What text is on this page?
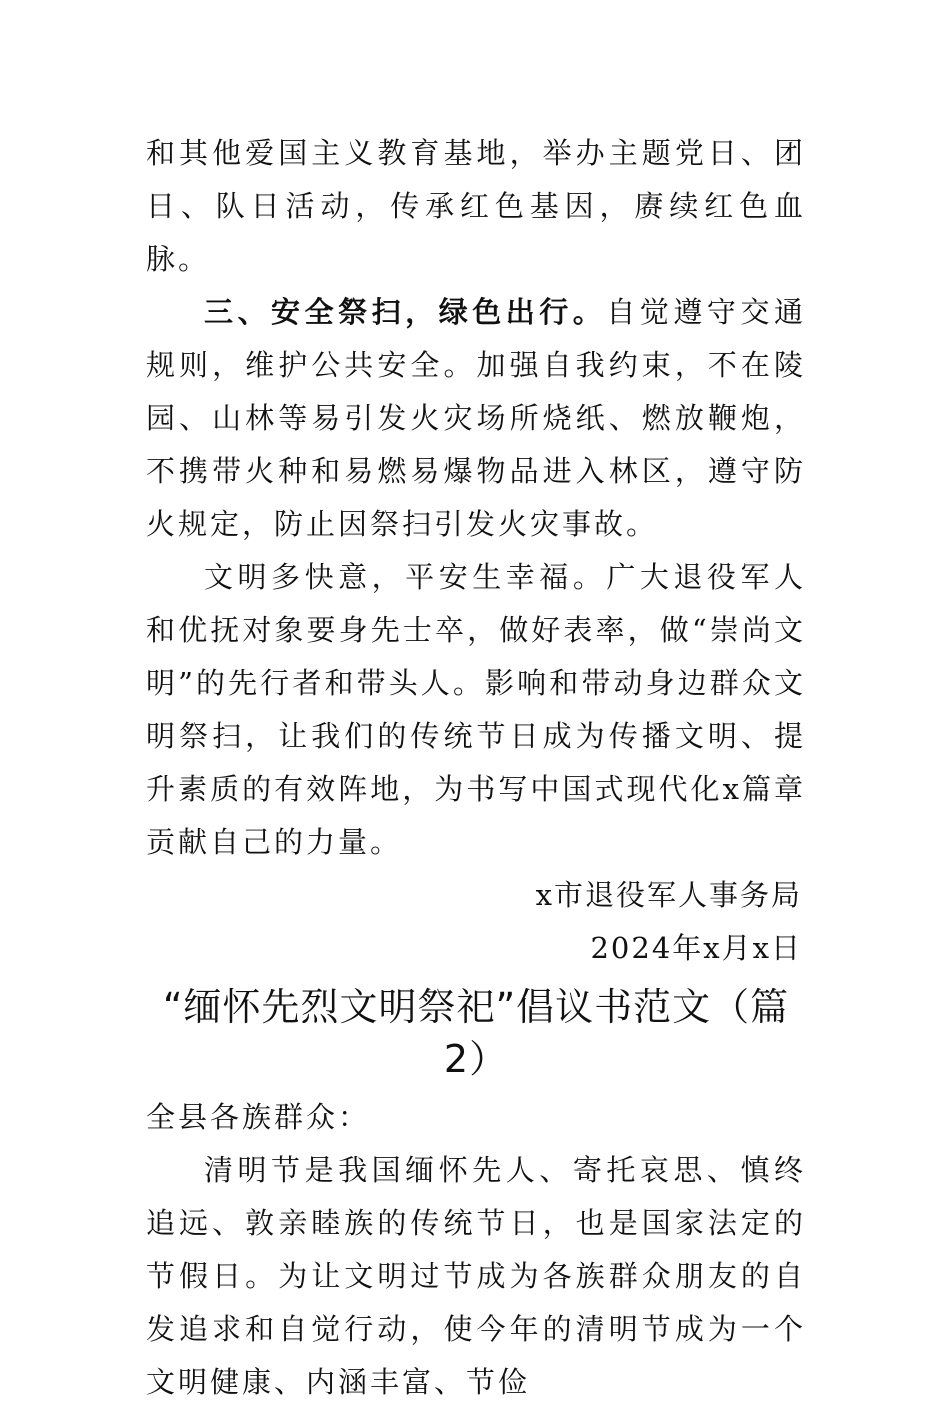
和其他爱国主义教育基地，举办主题党日、团日、队日活动，传承红色基因，赓续红色血脉。

三、安全祭扫，绿色出行。自觉遵守交通规则，维护公共安全。加强自我约束，不在陵园、山林等易引发火灾场所烧纸、燃放鞭炮，不携带火种和易燃易爆物品进入林区，遵守防火规定，防止因祭扫引发火灾事故。

文明多快意，平安生幸福。广大退役军人和优抚对象要身先士卒，做好表率，做“崇尚文明”的先行者和带头人。影响和带动身边群众文明祭扫，让我们的传统节日成为传播文明、提升素质的有效阵地，为书写中国式现代化x篇章贡献自己的力量。

x市退役军人事务局

2024年x月x日

“缅怀先烈文明祭祀”倡议书范文（篇2）

全县各族群众：

清明节是我国缅怀先人、寄托哀思、慎终追远、敦亲睦族的传统节日，也是国家法定的节假日。为让文明过节成为各族群众朋友的自发追求和自觉行动，使今年的清明节成为一个文明健康、内涵丰富、节俭
